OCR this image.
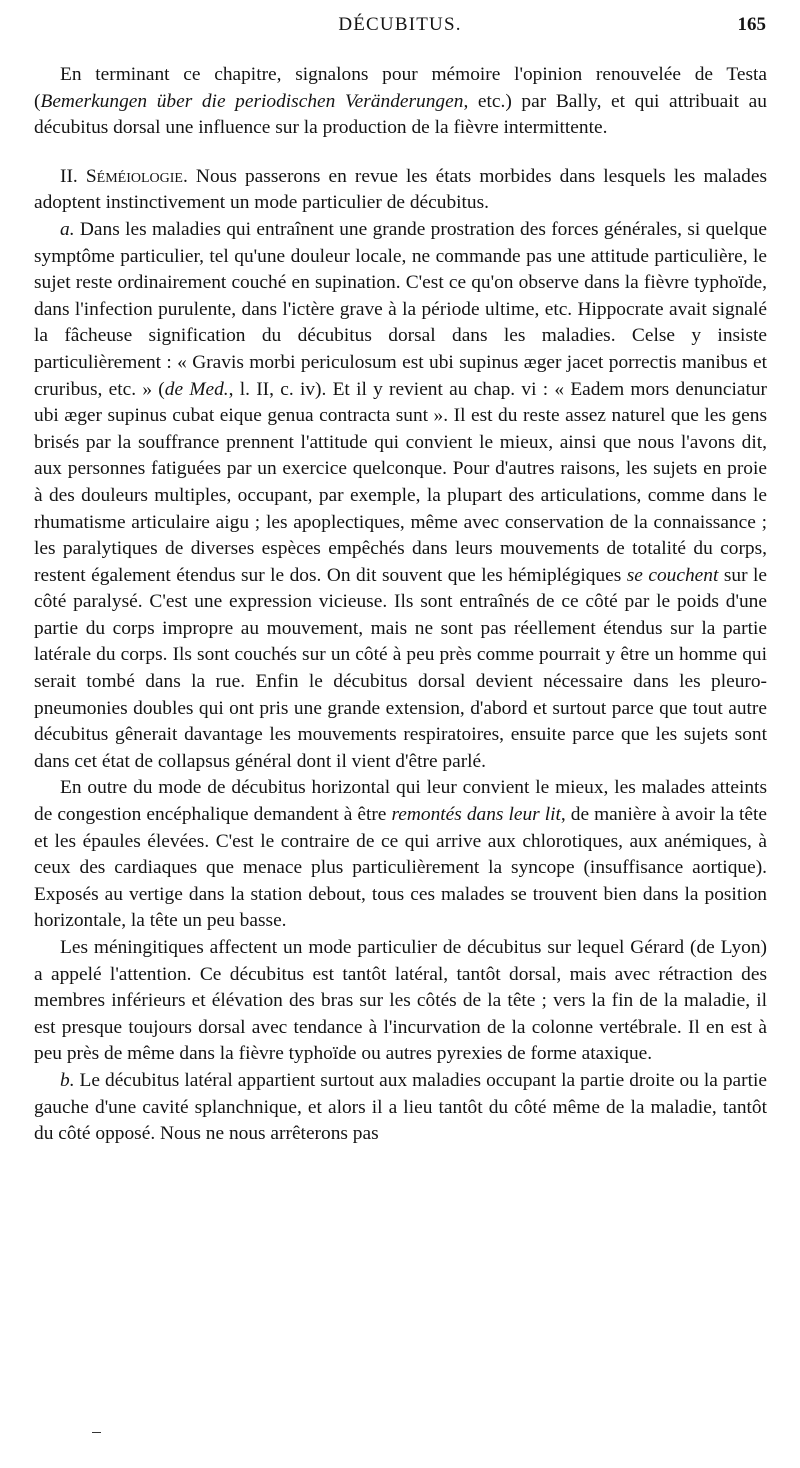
DÉCUBITUS.	165

En terminant ce chapitre, signalons pour mémoire l'opinion renouvelée de Testa (Bemerkungen über die periodischen Veränderungen, etc.) par Bally, et qui attribuait au décubitus dorsal une influence sur la production de la fièvre intermittente.

II. Séméiologie. Nous passerons en revue les états morbides dans lesquels les malades adoptent instinctivement un mode particulier de décubitus.

a. Dans les maladies qui entraînent une grande prostration des forces générales, si quelque symptôme particulier, tel qu'une douleur locale, ne commande pas une attitude particulière, le sujet reste ordinairement couché en supination. C'est ce qu'on observe dans la fièvre typhoïde, dans l'infection purulente, dans l'ictère grave à la période ultime, etc. Hippocrate avait signalé la fâcheuse signification du décubitus dorsal dans les maladies. Celse y insiste particulièrement : « Gravis morbi periculosum est ubi supinus æger jacet porrectis manibus et cruribus, etc. » (de Med., l. II, c. iv). Et il y revient au chap. vi : « Eadem mors denunciatur ubi æger supinus cubat eique genua contracta sunt ». Il est du reste assez naturel que les gens brisés par la souffrance prennent l'attitude qui convient le mieux, ainsi que nous l'avons dit, aux personnes fatiguées par un exercice quelconque. Pour d'autres raisons, les sujets en proie à des douleurs multiples, occupant, par exemple, la plupart des articulations, comme dans le rhumatisme articulaire aigu ; les apoplectiques, même avec conservation de la connaissance ; les paralytiques de diverses espèces empêchés dans leurs mouvements de totalité du corps, restent également étendus sur le dos. On dit souvent que les hémiplégiques se couchent sur le côté paralysé. C'est une expression vicieuse. Ils sont entraînés de ce côté par le poids d'une partie du corps impropre au mouvement, mais ne sont pas réellement étendus sur la partie latérale du corps. Ils sont couchés sur un côté à peu près comme pourrait y être un homme qui serait tombé dans la rue. Enfin le décubitus dorsal devient nécessaire dans les pleuro-pneumonies doubles qui ont pris une grande extension, d'abord et surtout parce que tout autre décubitus gênerait davantage les mouvements respiratoires, ensuite parce que les sujets sont dans cet état de collapsus général dont il vient d'être parlé.

En outre du mode de décubitus horizontal qui leur convient le mieux, les malades atteints de congestion encéphalique demandent à être remontés dans leur lit, de manière à avoir la tête et les épaules élevées. C'est le contraire de ce qui arrive aux chlorotiques, aux anémiques, à ceux des cardiaques que menace plus particulièrement la syncope (insuffisance aortique). Exposés au vertige dans la station debout, tous ces malades se trouvent bien dans la position horizontale, la tête un peu basse.

Les méningitiques affectent un mode particulier de décubitus sur lequel Gérard (de Lyon) a appelé l'attention. Ce décubitus est tantôt latéral, tantôt dorsal, mais avec rétraction des membres inférieurs et élévation des bras sur les côtés de la tête ; vers la fin de la maladie, il est presque toujours dorsal avec tendance à l'incurvation de la colonne vertébrale. Il en est à peu près de même dans la fièvre typhoïde ou autres pyrexies de forme ataxique.

b. Le décubitus latéral appartient surtout aux maladies occupant la partie droite ou la partie gauche d'une cavité splanchnique, et alors il a lieu tantôt du côté même de la maladie, tantôt du côté opposé. Nous ne nous arrêterons pas
